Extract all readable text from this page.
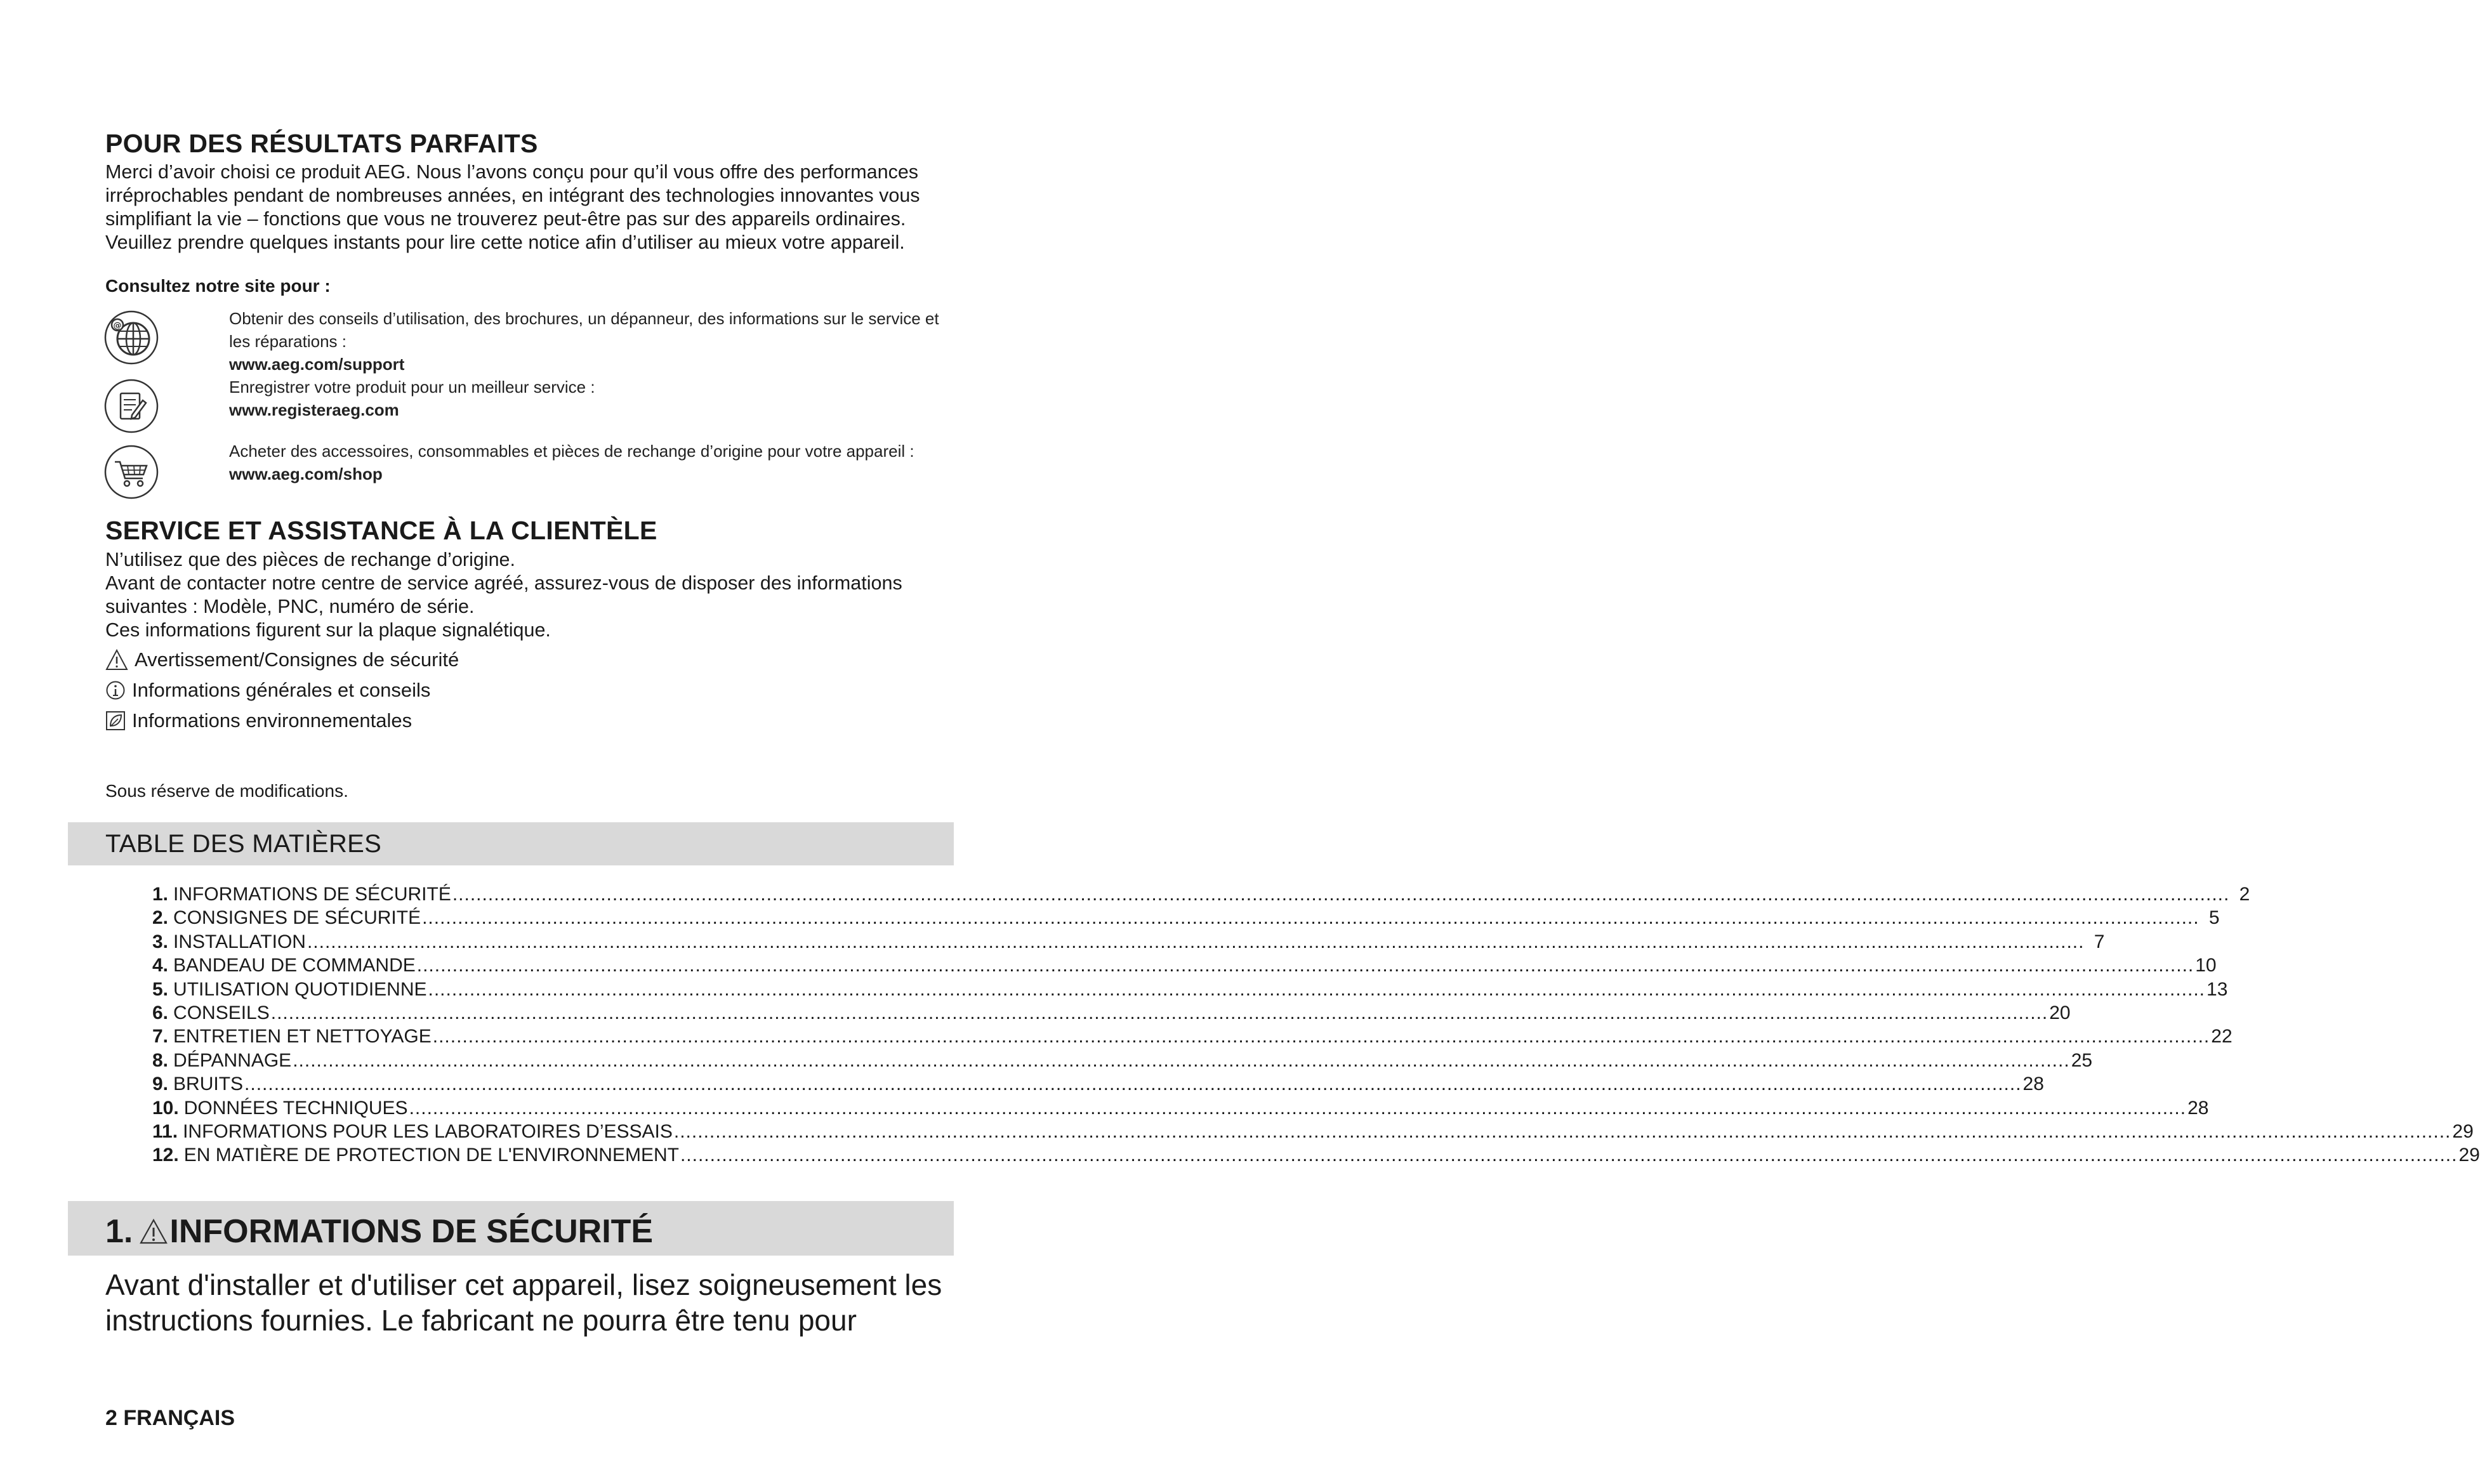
POUR DES RÉSULTATS PARFAITS

Merci d’avoir choisi ce produit AEG. Nous l’avons conçu pour qu’il vous offre des performances irréprochables pendant de nombreuses années, en intégrant des technologies innovantes vous simplifiant la vie – fonctions que vous ne trouverez peut-être pas sur des appareils ordinaires. Veuillez prendre quelques instants pour lire cette notice afin d’utiliser au mieux votre appareil.

Consultez notre site pour :

@	Obtenir des conseils d’utilisation, des brochures, un dépanneur, des informations sur le service et les réparations :
www.aeg.com/support
Enregistrer votre produit pour un meilleur service :
www.registeraeg.com
Acheter des accessoires, consommables et pièces de rechange d’origine pour votre appareil :
www.aeg.com/shop
SERVICE ET ASSISTANCE À LA CLIENTÈLE

N’utilisez que des pièces de rechange d’origine.
Avant de contacter notre centre de service agréé, assurez-vous de disposer des informations suivantes : Modèle, PNC, numéro de série.
Ces informations figurent sur la plaque signalétique.

Avertissement/Consignes de sécurité
Informations générales et conseils
Informations environnementales

Sous réserve de modifications.

TABLE DES MATIÈRES
1. INFORMATIONS DE SÉCURITÉ ............................................................................................................................................................................................................................................................................................................ 2
2. CONSIGNES DE SÉCURITÉ ............................................................................................................................................................................................................................................................................................................ 5
3. INSTALLATION ............................................................................................................................................................................................................................................................................................................ 7
4. BANDEAU DE COMMANDE ............................................................................................................................................................................................................................................................................................................ 10
5. UTILISATION QUOTIDIENNE ............................................................................................................................................................................................................................................................................................................ 13
6. CONSEILS ............................................................................................................................................................................................................................................................................................................ 20
7. ENTRETIEN ET NETTOYAGE ............................................................................................................................................................................................................................................................................................................ 22
8. DÉPANNAGE ............................................................................................................................................................................................................................................................................................................ 25
9. BRUITS ............................................................................................................................................................................................................................................................................................................ 28
10. DONNÉES TECHNIQUES ............................................................................................................................................................................................................................................................................................................ 28
11. INFORMATIONS POUR LES LABORATOIRES D’ESSAIS ............................................................................................................................................................................................................................................................................................................ 29
12. EN MATIÈRE DE PROTECTION DE L'ENVIRONNEMENT ............................................................................................................................................................................................................................................................................................................ 29
1. INFORMATIONS DE SÉCURITÉ

Avant d'installer et d'utiliser cet appareil, lisez soigneusement les instructions fournies. Le fabricant ne pourra être tenu pour

2 FRANÇAIS
